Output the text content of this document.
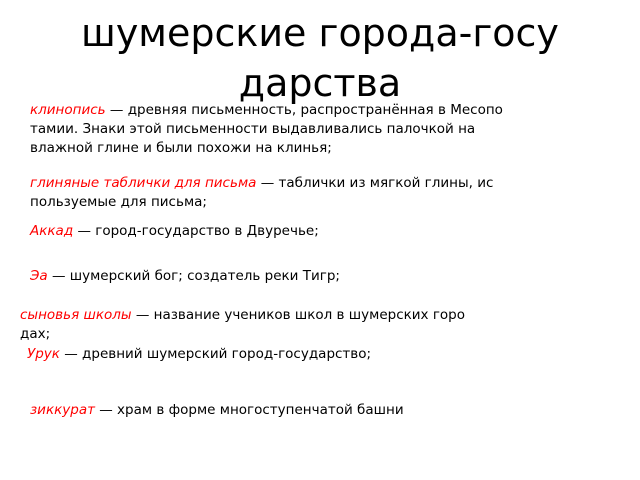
шумерские города-госу
дарства

клинопись — древняя письменность, распространённая в Месопо
тамии. Знаки этой письменности выдавливались палочкой на
влажной глине и были похожи на клинья;

глиняные таблички для письма — таблички из мягкой глины, ис
пользуемые для письма;

Аккад — город-государство в Двуречье;

Эа — шумерский бог; создатель реки Тигр;

сыновья школы — название учеников школ в шумерских горо
дах;

Урук — древний шумерский город-государство;

зиккурат — храм в форме многоступенчатой башни
